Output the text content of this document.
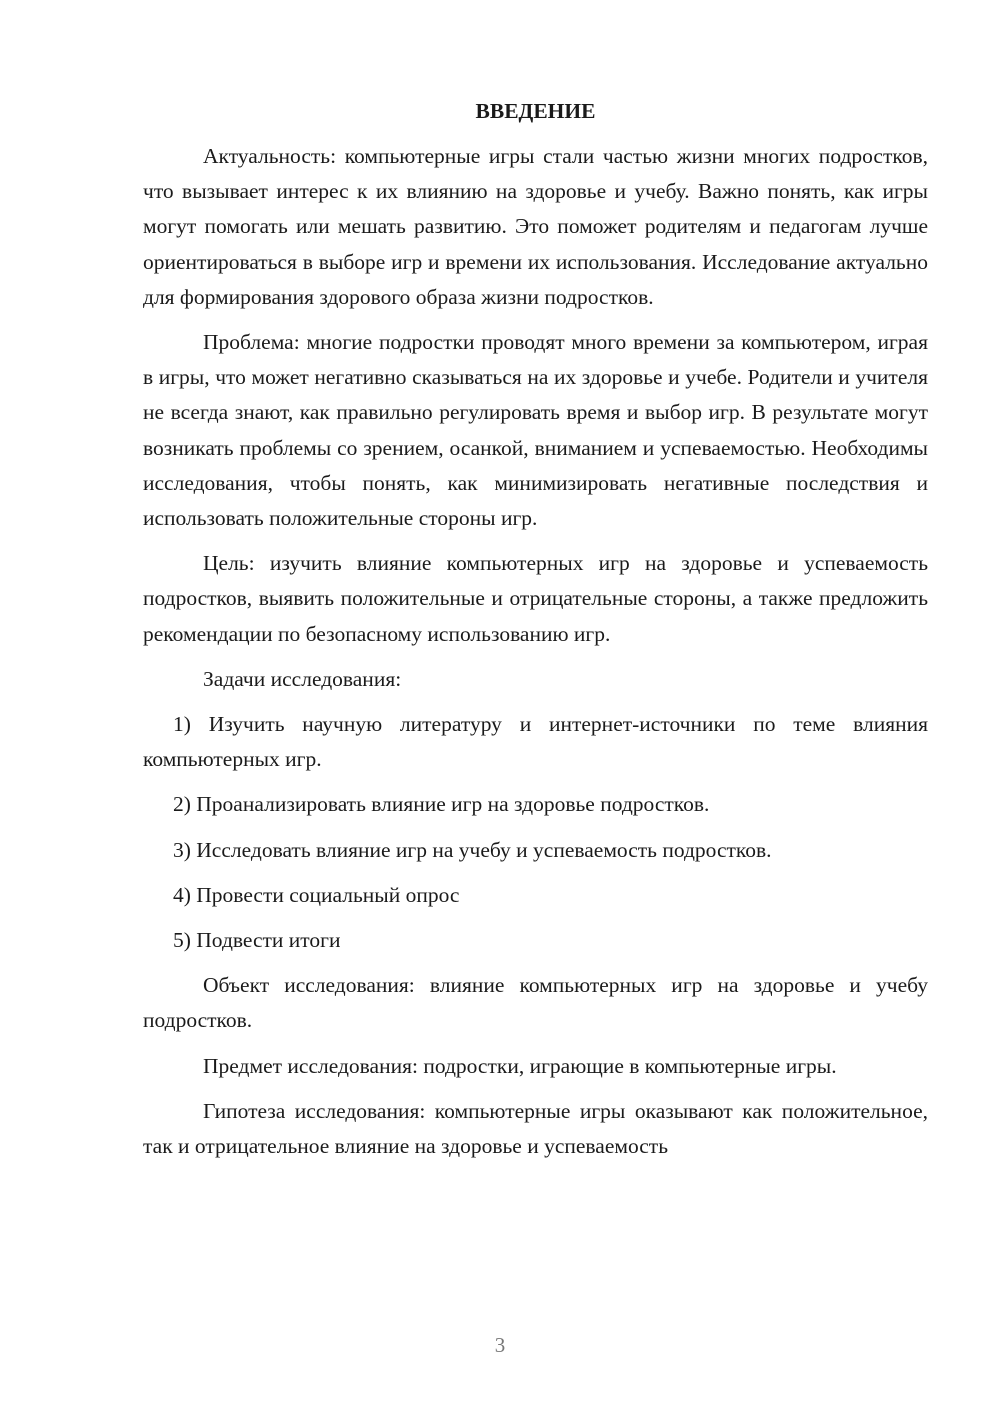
ВВЕДЕНИЕ

Актуальность: компьютерные игры стали частью жизни многих подростков, что вызывает интерес к их влиянию на здоровье и учебу. Важно понять, как игры могут помогать или мешать развитию. Это поможет родителям и педагогам лучше ориентироваться в выборе игр и времени их использования. Исследование актуально для формирования здорового образа жизни подростков.

Проблема: многие подростки проводят много времени за компьютером, играя в игры, что может негативно сказываться на их здоровье и учебе. Родители и учителя не всегда знают, как правильно регулировать время и выбор игр. В результате могут возникать проблемы со зрением, осанкой, вниманием и успеваемостью. Необходимы исследования, чтобы понять, как минимизировать негативные последствия и использовать положительные стороны игр.

Цель: изучить влияние компьютерных игр на здоровье и успеваемость подростков, выявить положительные и отрицательные стороны, а также предложить рекомендации по безопасному использованию игр.

Задачи исследования:

1) Изучить научную литературу и интернет-источники по теме влияния компьютерных игр.

2) Проанализировать влияние игр на здоровье подростков.

3) Исследовать влияние игр на учебу и успеваемость подростков.

4) Провести социальный опрос

5) Подвести итоги

Объект исследования: влияние компьютерных игр на здоровье и учебу подростков.

Предмет исследования: подростки, играющие в компьютерные игры.

Гипотеза исследования: компьютерные игры оказывают как положительное, так и отрицательное влияние на здоровье и успеваемость

3
